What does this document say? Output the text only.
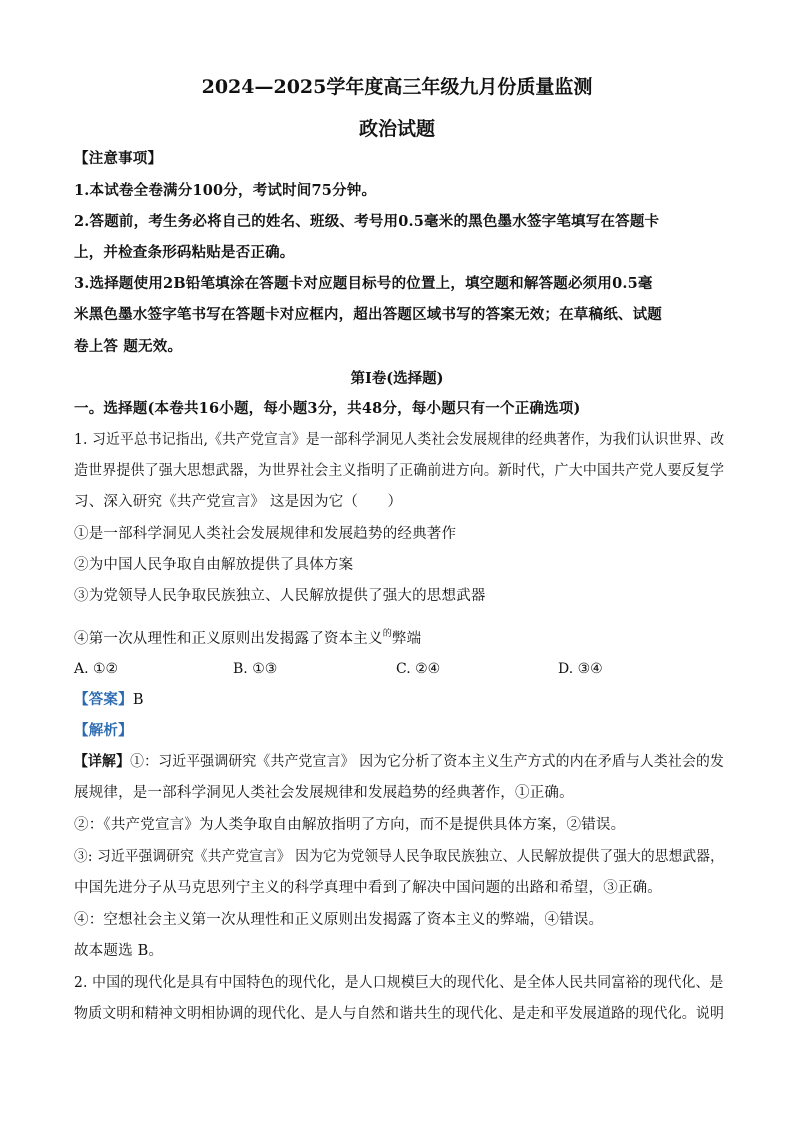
2024—2025学年度高三年级九月份质量监测
政治试题
【注意事项】
1.本试卷全卷满分100分，考试时间75分钟。
2.答题前，考生务必将自己的姓名、班级、考号用0.5毫米的黑色墨水签字笔填写在答题卡
上，并检查条形码粘贴是否正确。
3.选择题使用2B铅笔填涂在答题卡对应题目标号的位置上，填空题和解答题必须用0.5毫
米黑色墨水签字笔书写在答题卡对应框内，超出答题区域书写的答案无效；在草稿纸、试题
卷上答 题无效。
第Ⅰ卷(选择题)
一。选择题(本卷共16小题，每小题3分，共48分，每小题只有一个正确选项)
1. 习近平总书记指出,《共产党宣言》是一部科学洞见人类社会发展规律的经典著作，为我们认识世界、改
造世界提供了强大思想武器，为世界社会主义指明了正确前进方向。新时代，广大中国共产党人要反复学
习、深入研究《共产党宣言》 这是因为它（　　）
①是一部科学洞见人类社会发展规律和发展趋势的经典著作
②为中国人民争取自由解放提供了具体方案
③为党领导人民争取民族独立、人民解放提供了强大的思想武器
④第一次从理性和正义原则出发揭露了资本主义$^的$弊端
A. ①②	B. ①③	C. ②④	D. ③④
【答案】B
【解析】
【详解】①：习近平强调研究《共产党宣言》 因为它分析了资本主义生产方式的内在矛盾与人类社会的发
展规律，是一部科学洞见人类社会发展规律和发展趋势的经典著作，①正确。
②：《共产党宣言》为人类争取自由解放指明了方向，而不是提供具体方案，②错误。
③: 习近平强调研究《共产党宣言》 因为它为党领导人民争取民族独立、人民解放提供了强大的思想武器，
中国先进分子从马克思列宁主义的科学真理中看到了解决中国问题的出路和希望，③正确。
④：空想社会主义第一次从理性和正义原则出发揭露了资本主义的弊端，④错误。
故本题选 B。
2. 中国的现代化是具有中国特色的现代化，是人口规模巨大的现代化、是全体人民共同富裕的现代化、是
物质文明和精神文明相协调的现代化、是人与自然和谐共生的现代化、是走和平发展道路的现代化。说明
